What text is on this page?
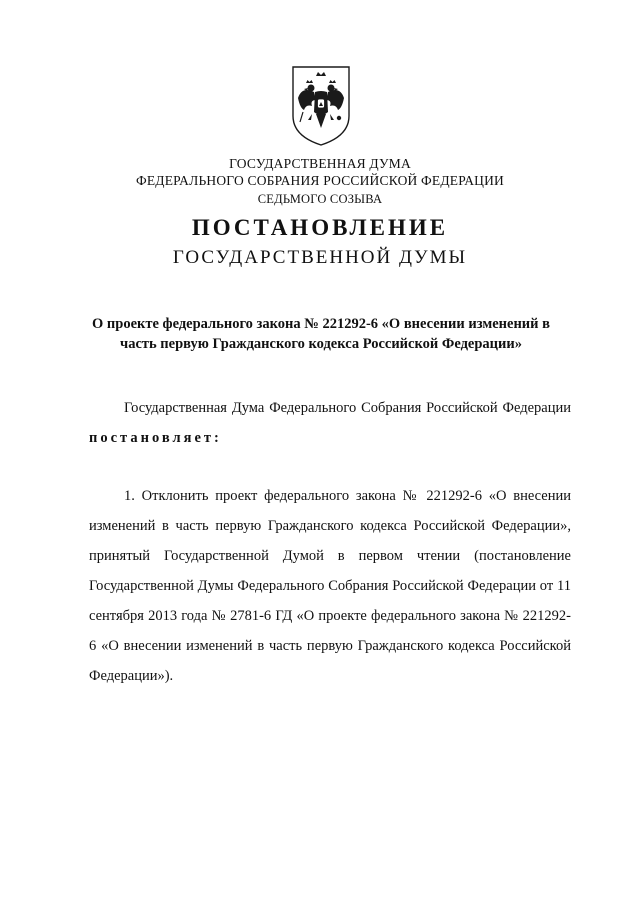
ГОСУДАРСТВЕННАЯ ДУМА

ФЕДЕРАЛЬНОГО СОБРАНИЯ РОССИЙСКОЙ ФЕДЕРАЦИИ

СЕДЬМОГО СОЗЫВА

ПОСТАНОВЛЕНИЕ

ГОСУДАРСТВЕННОЙ ДУМЫ

О проекте федерального закона № 221292-6 «О внесении изменений в часть первую Гражданского кодекса Российской Федерации»

Государственная Дума Федерального Собрания Российской Федерации постановляет:

1. Отклонить проект федерального закона № 221292-6 «О внесении изменений в часть первую Гражданского кодекса Российской Федерации», принятый Государственной Думой в первом чтении (постановление Государственной Думы Федерального Собрания Российской Федерации от 11 сентября 2013 года № 2781-6 ГД «О проекте федерального закона № 221292-6 «О внесении изменений в часть первую Гражданского кодекса Российской Федерации»).
